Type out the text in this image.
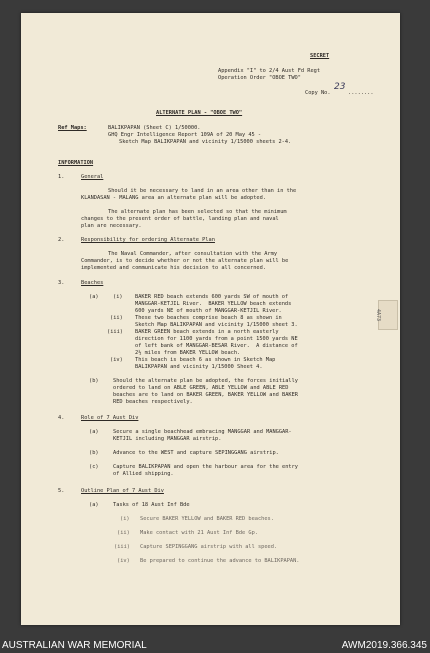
SECRET
Appendix "I" to 2/4 Aust Fd Regt
Operation Order "OBOE TWO"
Copy No.
23
........
ALTERNATE PLAN - "OBOE TWO"
Ref Maps:	BALIKPAPAN (Sheet C) 1/50000.
GHQ Engr Intelligence Report 109A of 20 May 45 -
Sketch Map BALIKPAPAN and vicinity 1/15000 sheets 2-4.
INFORMATION
1.	General
Should it be necessary to land in an area other than in the
KLANDASAN - MALANG area an alternate plan will be adopted.
The alternate plan has been selected so that the minimum
changes to the present order of battle, landing plan and naval
plan are necessary.
2.	Responsibility for ordering Alternate Plan
The Naval Commander, after consultation with the Army
Commander, is to decide whether or not the alternate plan will be
implemented and communicate his decision to all concerned.
3.	Beaches
(a)	(i) BAKER RED beach extends 600 yards SW of mouth of
MANGGAR-KETJIL River.  BAKER YELLOW beach extends
600 yards NE of mouth of MANGGAR-KETJIL River.
(ii) These two beaches comprise beach 8 as shown in
Sketch Map BALIKPAPAN and vicinity 1/15000 sheet 3.
(iii) BAKER GREEN beach extends in a north easterly
direction for 1100 yards from a point 1500 yards NE
of left bank of MANGGAR-BESAR River.  A distance of
2½ miles from BAKER YELLOW beach.
(iv) This beach is beach 6 as shown in Sketch Map
BALIKPAPAN and vicinity 1/15000 Sheet 4.
(b)	Should the alternate plan be adopted, the forces initially
ordered to land on ABLE GREEN, ABLE YELLOW and ABLE RED
beaches are to land on BAKER GREEN, BAKER YELLOW and BAKER
RED beaches respectively.
4.	Role of 7 Aust Div
(a)	Secure a single beachhead embracing MANGGAR and MANGGAR-
KETJIL including MANGGAR airstrip.
(b)	Advance to the WEST and capture SEPINGGANG airstrip.
(c)	Capture BALIKPAPAN and open the harbour area for the entry
of Allied shipping.
5.	Outline Plan of 7 Aust Div
(a)	Tasks of 18 Aust Inf Bde
(i) Secure BAKER YELLOW and BAKER RED beaches.
(ii) Make contact with 21 Aust Inf Bde Gp.
(iii) Capture SEPINGGANG airstrip with all speed.
(iv) Be prepared to continue the advance to BALIKPAPAN.
4A73
AUSTRALIAN WAR MEMORIAL	AWM2019.366.345
